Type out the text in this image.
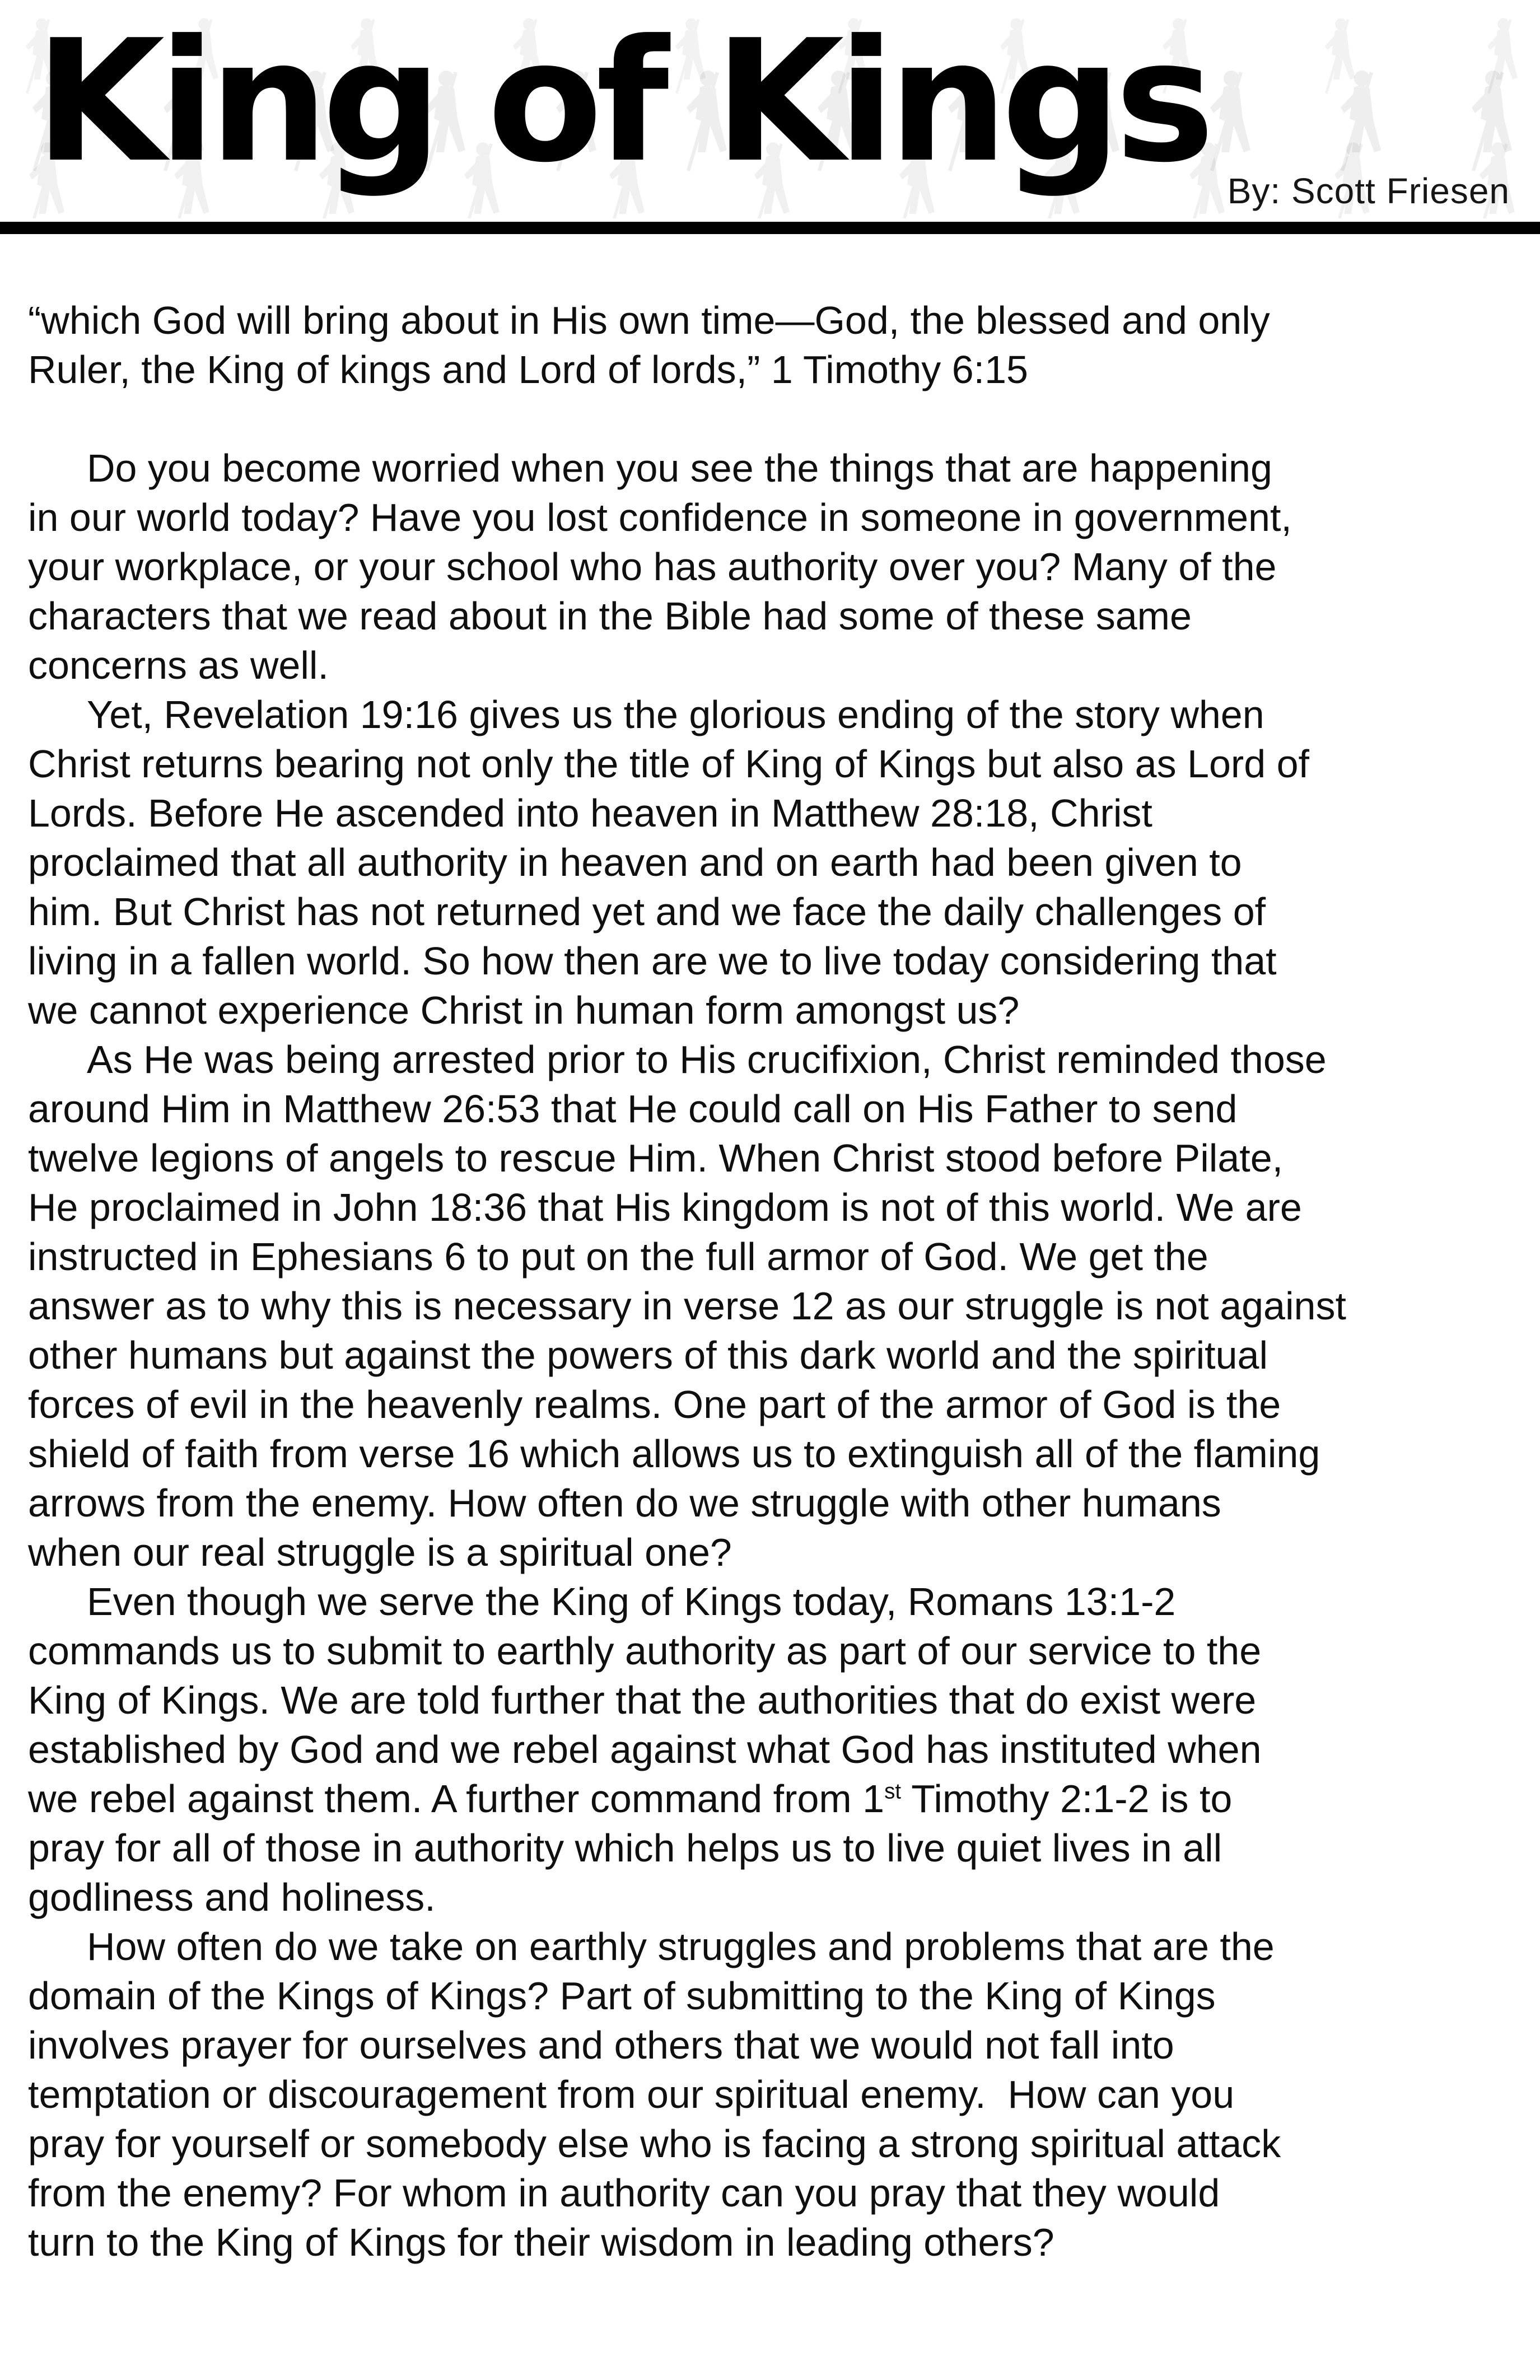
King of Kings By: Scott Friesen
“which God will bring about in His own time—God, the blessed and only
Ruler, the King of kings and Lord of lords,” 1 Timothy 6:15
Do you become worried when you see the things that are happening
in our world today? Have you lost confidence in someone in government,
your workplace, or your school who has authority over you? Many of the
characters that we read about in the Bible had some of these same
concerns as well.
Yet, Revelation 19:16 gives us the glorious ending of the story when
Christ returns bearing not only the title of King of Kings but also as Lord of
Lords. Before He ascended into heaven in Matthew 28:18, Christ
proclaimed that all authority in heaven and on earth had been given to
him. But Christ has not returned yet and we face the daily challenges of
living in a fallen world. So how then are we to live today considering that
we cannot experience Christ in human form amongst us?
As He was being arrested prior to His crucifixion, Christ reminded those
around Him in Matthew 26:53 that He could call on His Father to send
twelve legions of angels to rescue Him. When Christ stood before Pilate,
He proclaimed in John 18:36 that His kingdom is not of this world. We are
instructed in Ephesians 6 to put on the full armor of God. We get the
answer as to why this is necessary in verse 12 as our struggle is not against
other humans but against the powers of this dark world and the spiritual
forces of evil in the heavenly realms. One part of the armor of God is the
shield of faith from verse 16 which allows us to extinguish all of the flaming
arrows from the enemy. How often do we struggle with other humans
when our real struggle is a spiritual one?
Even though we serve the King of Kings today, Romans 13:1-2
commands us to submit to earthly authority as part of our service to the
King of Kings. We are told further that the authorities that do exist were
established by God and we rebel against what God has instituted when
we rebel against them. A further command from 1st Timothy 2:1-2 is to
pray for all of those in authority which helps us to live quiet lives in all
godliness and holiness.
How often do we take on earthly struggles and problems that are the
domain of the Kings of Kings? Part of submitting to the King of Kings
involves prayer for ourselves and others that we would not fall into
temptation or discouragement from our spiritual enemy.  How can you
pray for yourself or somebody else who is facing a strong spiritual attack
from the enemy? For whom in authority can you pray that they would
turn to the King of Kings for their wisdom in leading others?
